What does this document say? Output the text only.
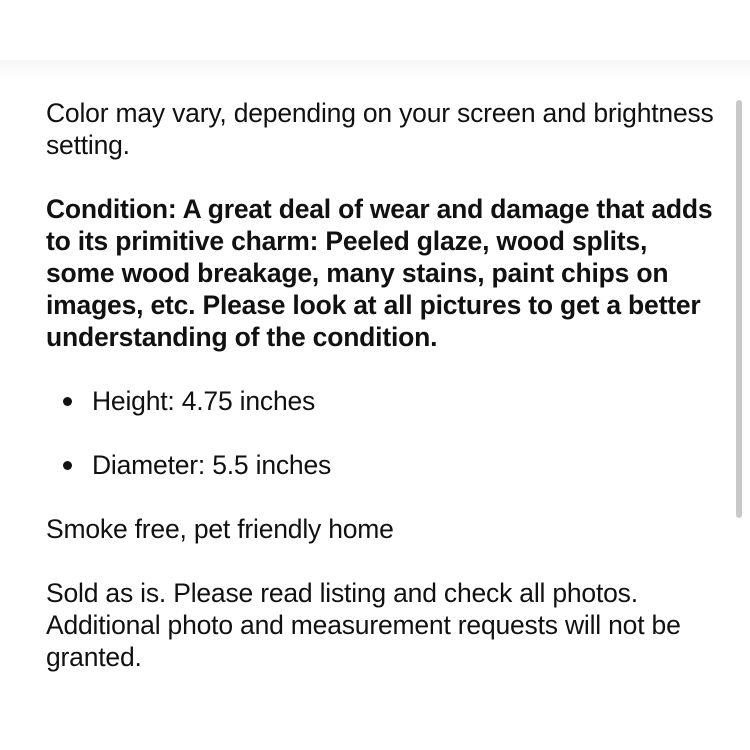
Color may vary, depending on your screen and brightness setting.

Condition: A great deal of wear and damage that adds to its primitive charm: Peeled glaze, wood splits, some wood breakage, many stains, paint chips on images, etc. Please look at all pictures to get a better understanding of the condition.

Height: 4.75 inches
Diameter: 5.5 inches

Smoke free, pet friendly home

Sold as is. Please read listing and check all photos. Additional photo and measurement requests will not be granted.
